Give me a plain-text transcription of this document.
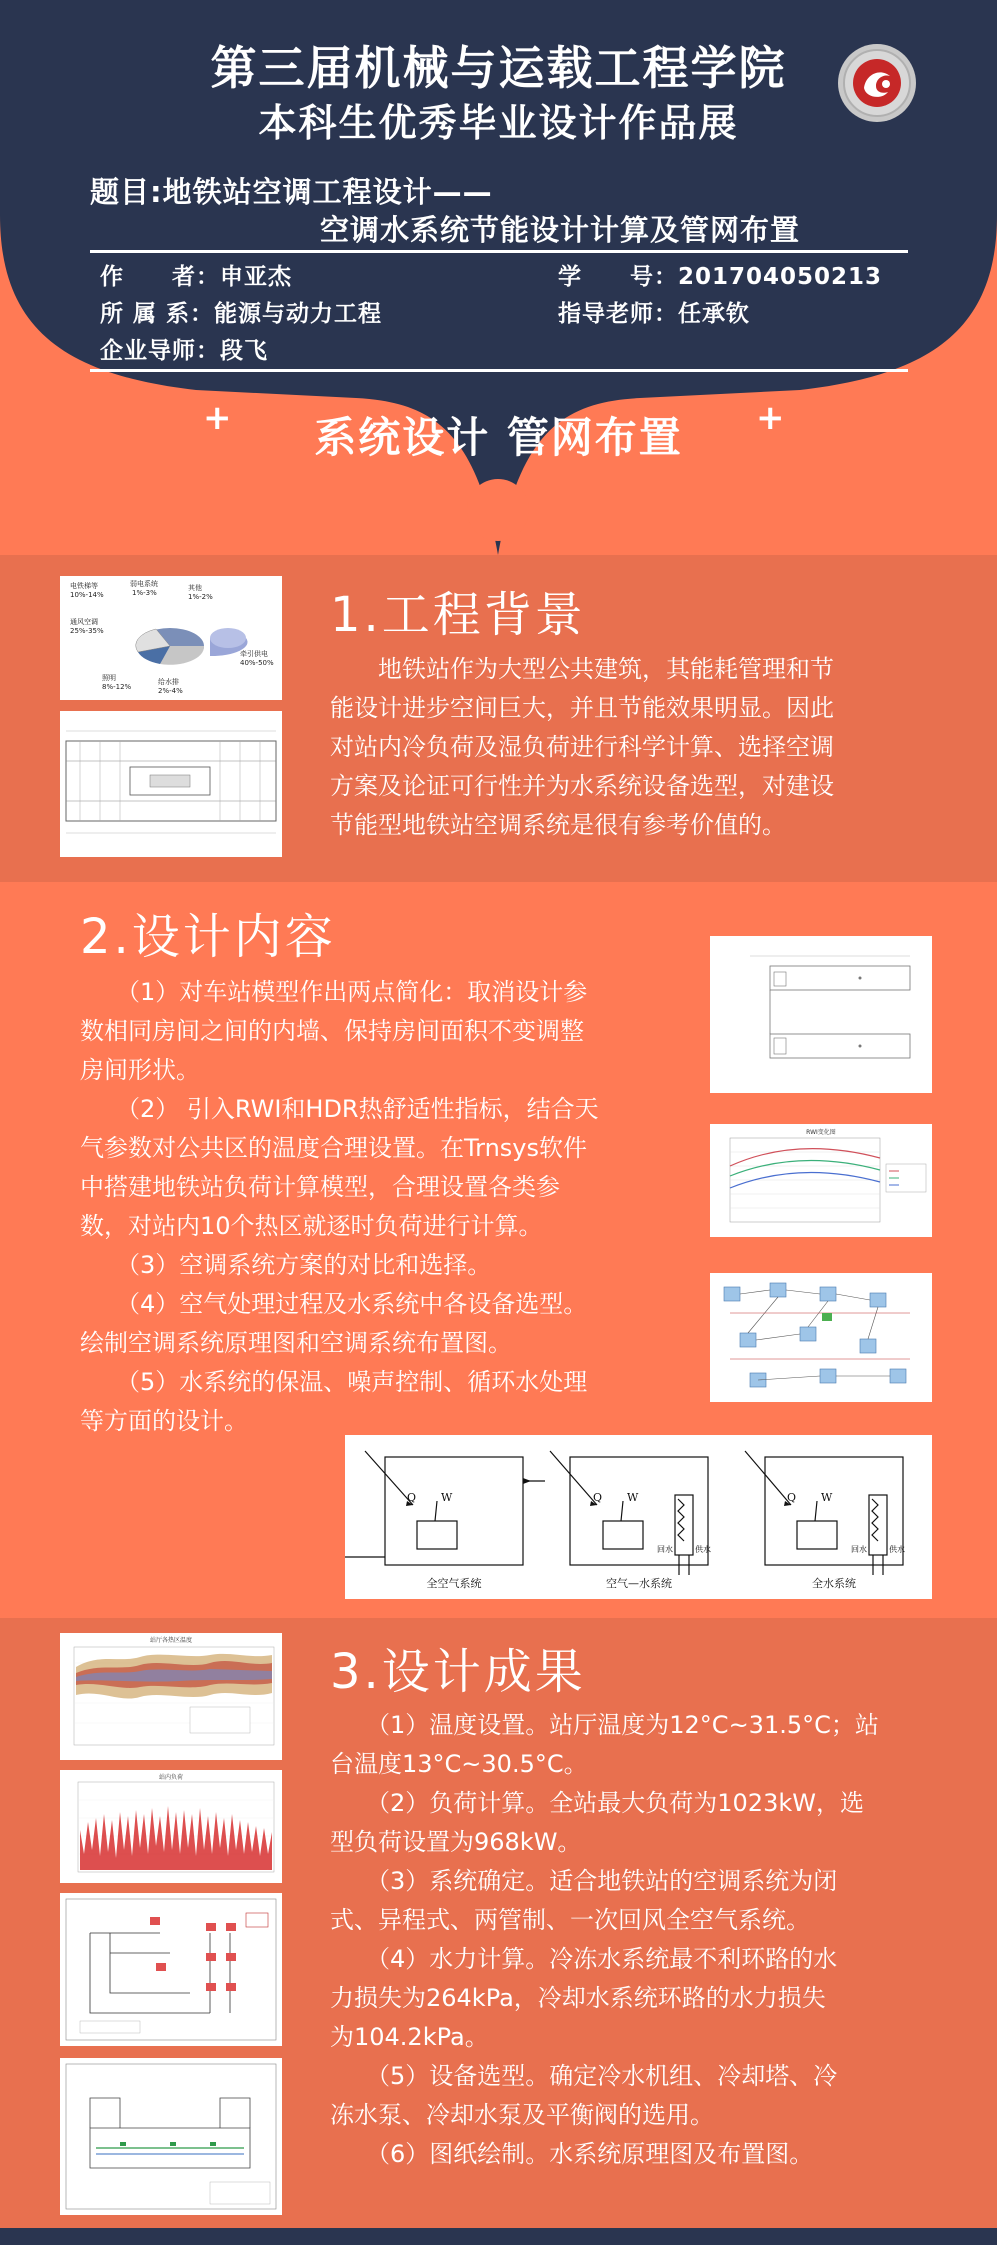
第三届机械与运载工程学院
本科生优秀毕业设计作品展
题目:地铁站空调工程设计——
空调水系统节能设计计算及管网布置
作　　者：申亚杰	学　　号：201704050213
所 属 系：能源与动力工程	指导老师：任承钦
企业导师：段飞
+	系统设计 管网布置	+
电铁梯等
10%-14%
弱电系统
1%-3%
其他
1%-2%
通风空调
25%-35%
照明
8%-12%
给水排
2%-4%
牵引供电
40%-50%
1.工程背景
　　地铁站作为大型公共建筑，其能耗管理和节
能设计进步空间巨大，并且节能效果明显。因此
对站内冷负荷及湿负荷进行科学计算、选择空调
方案及论证可行性并为水系统设备选型，对建设
节能型地铁站空调系统是很有参考价值的。
2.设计内容
　　（1）对车站模型作出两点简化：取消设计参
数相同房间之间的内墙、保持房间面积不变调整
房间形状。
　　（2） 引入RWI和HDR热舒适性指标，结合天
气参数对公共区的温度合理设置。在Trnsys软件
中搭建地铁站负荷计算模型，合理设置各类参
数，对站内10个热区就逐时负荷进行计算。
　　（3）空调系统方案的对比和选择。
　　（4）空气处理过程及水系统中各设备选型。
绘制空调系统原理图和空调系统布置图。
　　（5）水系统的保温、噪声控制、循环水处理
等方面的设计。
RWI变化图
Q W	Q W	Q W
回水	供水	回水	供水
全空气系统	空气—水系统	全水系统
站厅各热区温度
站内负荷
3.设计成果
　　（1）温度设置。站厅温度为12°C~31.5°C；站
台温度13°C~30.5°C。
　　（2）负荷计算。全站最大负荷为1023kW，选
型负荷设置为968kW。
　　（3）系统确定。适合地铁站的空调系统为闭
式、异程式、两管制、一次回风全空气系统。
　　（4）水力计算。冷冻水系统最不利环路的水
力损失为264kPa，冷却水系统环路的水力损失
为104.2kPa。
　　（5）设备选型。确定冷水机组、冷却塔、冷
冻水泵、冷却水泵及平衡阀的选用。
　　（6）图纸绘制。水系统原理图及布置图。
